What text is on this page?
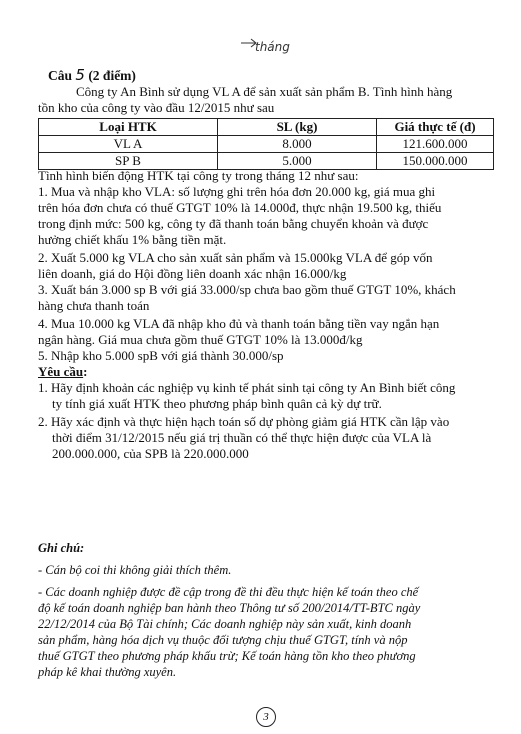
tháng
Câu 5 (2 điểm)
Công ty An Bình sử dụng VL A để sản xuất sản phẩm B. Tình hình hàng
tồn kho của công ty vào đầu 12/2015 như sau
Loại HTK	SL (kg)	Giá thực tế (đ)
VL A	8.000	121.600.000
SP B	5.000	150.000.000
Tình hình biến động HTK tại công ty trong tháng 12 như sau:
1. Mua và nhập kho VLA: số lượng ghi trên hóa đơn 20.000 kg, giá mua ghi
trên hóa đơn chưa có thuế GTGT 10% là 14.000đ, thực nhận 19.500 kg, thiếu
trong định mức: 500 kg, công ty đã thanh toán bằng chuyển khoản và được
hưởng chiết khấu 1% bằng tiền mặt.
2. Xuất 5.000 kg VLA cho sản xuất sản phẩm và 15.000kg VLA để góp vốn
liên doanh, giá do Hội đồng liên doanh xác nhận 16.000/kg
3. Xuất bán 3.000 sp B với giá 33.000/sp chưa bao gồm thuế GTGT 10%, khách
hàng chưa thanh toán
4. Mua 10.000 kg VLA đã nhập kho đủ và thanh toán bằng tiền vay ngắn hạn
ngân hàng. Giá mua chưa gồm thuế GTGT 10% là 13.000đ/kg
5. Nhập kho 5.000 spB với giá thành 30.000/sp
Yêu cầu:
1. Hãy định khoản các nghiệp vụ kinh tế phát sinh tại công ty An Bình biết công
ty tính giá xuất HTK theo phương pháp bình quân cả kỳ dự trữ.
2. Hãy xác định và thực hiện hạch toán số dự phòng giảm giá HTK cần lập vào
thời điểm 31/12/2015 nếu giá trị thuần có thể thực hiện được của VLA là
200.000.000, của SPB là 220.000.000
Ghi chú:
- Cán bộ coi thi không giải thích thêm.
- Các doanh nghiệp được đề cập trong đề thi đều thực hiện kế toán theo chế
độ kế toán doanh nghiệp ban hành theo Thông tư số 200/2014/TT-BTC ngày
22/12/2014 của Bộ Tài chính; Các doanh nghiệp này sản xuất, kinh doanh
sản phẩm, hàng hóa dịch vụ thuộc đối tượng chịu thuế GTGT, tính và nộp
thuế GTGT theo phương pháp khấu trừ; Kế toán hàng tồn kho theo phương
pháp kê khai thường xuyên.
3
